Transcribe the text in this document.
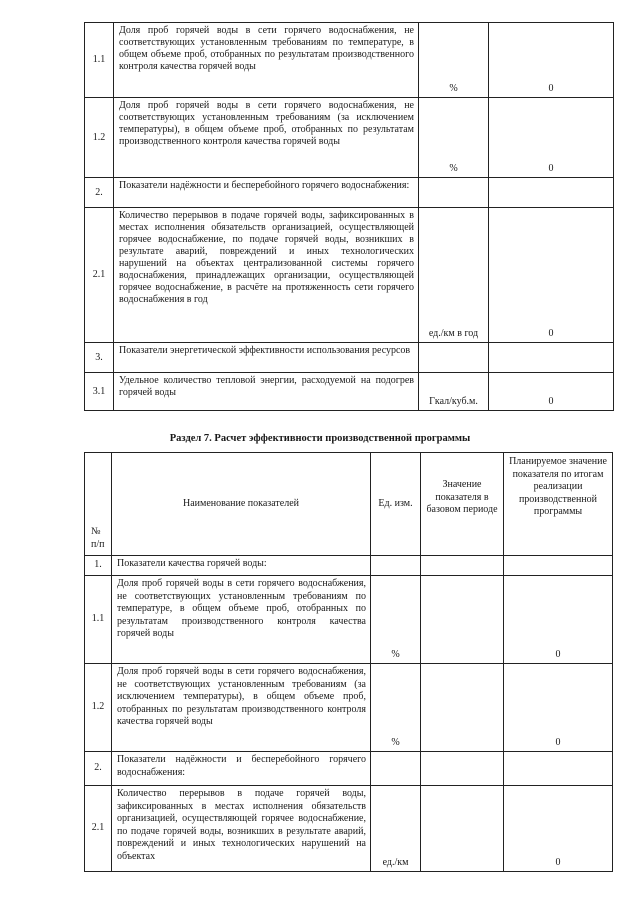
1.1	Доля проб горячей воды в сети горячего водоснабжения, не соответствующих установленным требованиям по температуре, в общем объеме проб, отобранных по результатам производственного контроля качества горячей воды	%	0
1.2	Доля проб горячей воды в сети горячего водоснабжения, не соответствующих установленным требованиям (за исключением температуры), в общем объеме проб, отобранных по результатам производственного контроля качества горячей воды	%	0
2.	Показатели надёжности и бесперебойного горячего водоснабжения:		
2.1	Количество перерывов в подаче горячей воды, зафиксированных в местах исполнения обязательств организацией, осуществляющей горячее водоснабжение, по подаче горячей воды, возникших в результате аварий, повреждений и иных технологических нарушений на объектах централизованной системы горячего водоснабжения, принадлежащих организации, осуществляющей горячее водоснабжение, в расчёте на протяженность сети горячего водоснабжения в год	ед./км в год	0
3.	Показатели энергетической эффективности использования ресурсов		
3.1	Удельное количество тепловой энергии, расходуемой на подогрев горячей воды	Гкал/куб.м.	0
Раздел 7. Расчет эффективности производственной программы
№ п/п	Наименование показателей	Ед. изм.	Значение показателя в базовом периоде	Планируемое значение показателя по итогам реализации производственной программы
1.	Показатели качества горячей воды:			
1.1	Доля проб горячей воды в сети горячего водоснабжения, не соответствующих установленным требованиям по температуре, в общем объеме проб, отобранных по результатам производственного контроля качества горячей воды	%		0
1.2	Доля проб горячей воды в сети горячего водоснабжения, не соответствующих установленным требованиям (за исключением температуры), в общем объеме проб, отобранных по результатам производственного контроля качества горячей воды	%		0
2.	Показатели надёжности и бесперебойного горячего водоснабжения:			
2.1	Количество перерывов в подаче горячей воды, зафиксированных в местах исполнения обязательств организацией, осуществляющей горячее водоснабжение, по подаче горячей воды, возникших в результате аварий, повреждений и иных технологических нарушений на объектах	ед./км		0
